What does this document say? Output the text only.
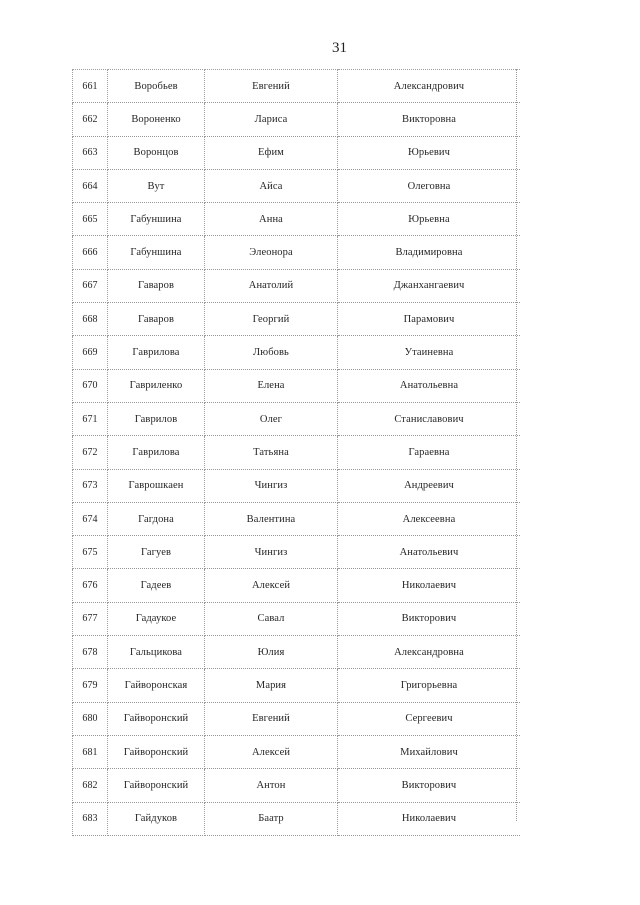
31
661	Воробьев	Евгений	Александрович
662	Вороненко	Лариса	Викторовна
663	Воронцов	Ефим	Юрьевич
664	Вут	Айса	Олеговна
665	Габуншина	Анна	Юрьевна
666	Габуншина	Элеонора	Владимировна
667	Гаваров	Анатолий	Джанхангаевич
668	Гаваров	Георгий	Парамович
669	Гаврилова	Любовь	Утаиневна
670	Гавриленко	Елена	Анатольевна
671	Гаврилов	Олег	Станиславович
672	Гаврилова	Татьяна	Гараевна
673	Гаврошкаен	Чингиз	Андреевич
674	Гагдона	Валентина	Алексеевна
675	Гагуев	Чингиз	Анатольевич
676	Гадеев	Алексей	Николаевич
677	Гадаукое	Савал	Викторович
678	Гальцикова	Юлия	Александровна
679	Гайворонская	Мария	Григорьевна
680	Гайворонский	Евгений	Сергеевич
681	Гайворонский	Алексей	Михайлович
682	Гайворонский	Антон	Викторович
683	Гайдуков	Баатр	Николаевич
